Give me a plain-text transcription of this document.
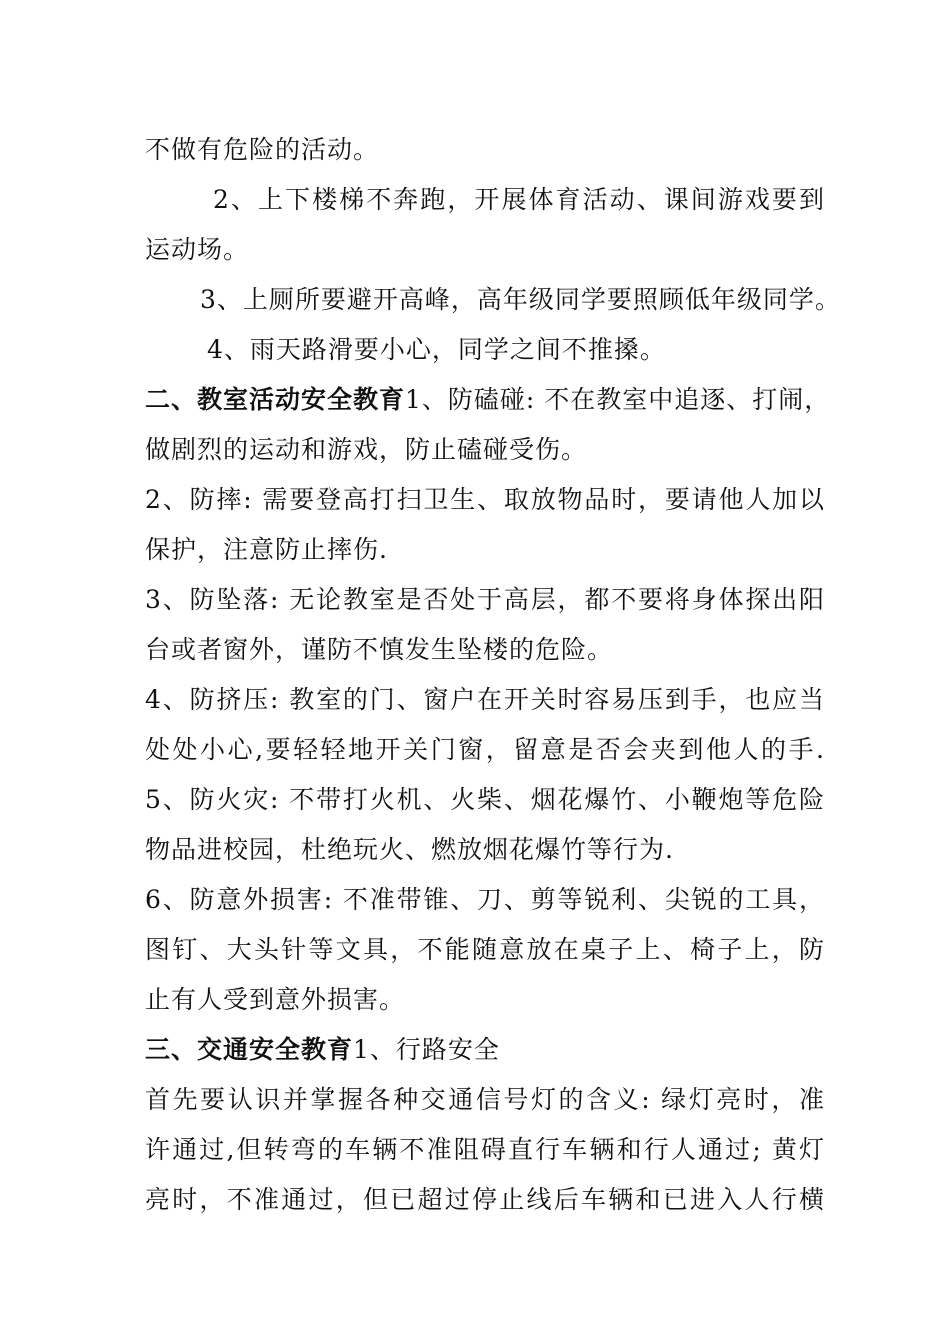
不做有危险的活动。
2、上下楼梯不奔跑，开展体育活动、课间游戏要到
运动场。
3、上厕所要避开高峰，高年级同学要照顾低年级同学。
4、雨天路滑要小心，同学之间不推搡。
二、教室活动安全教育1、防磕碰: 不在教室中追逐、打闹，
做剧烈的运动和游戏，防止磕碰受伤。
2、防摔: 需要登高打扫卫生、取放物品时，要请他人加以
保护，注意防止摔伤.
3、防坠落: 无论教室是否处于高层，都不要将身体探出阳
台或者窗外，谨防不慎发生坠楼的危险。
4、防挤压: 教室的门、窗户在开关时容易压到手，也应当
处处小心,要轻轻地开关门窗，留意是否会夹到他人的手.
5、防火灾: 不带打火机、火柴、烟花爆竹、小鞭炮等危险
物品进校园，杜绝玩火、燃放烟花爆竹等行为.
6、防意外损害: 不准带锥、刀、剪等锐利、尖锐的工具，
图钉、大头针等文具，不能随意放在桌子上、椅子上，防
止有人受到意外损害。
三、交通安全教育1、行路安全
首先要认识并掌握各种交通信号灯的含义: 绿灯亮时，准
许通过,但转弯的车辆不准阻碍直行车辆和行人通过; 黄灯
亮时，不准通过，但已超过停止线后车辆和已进入人行横
